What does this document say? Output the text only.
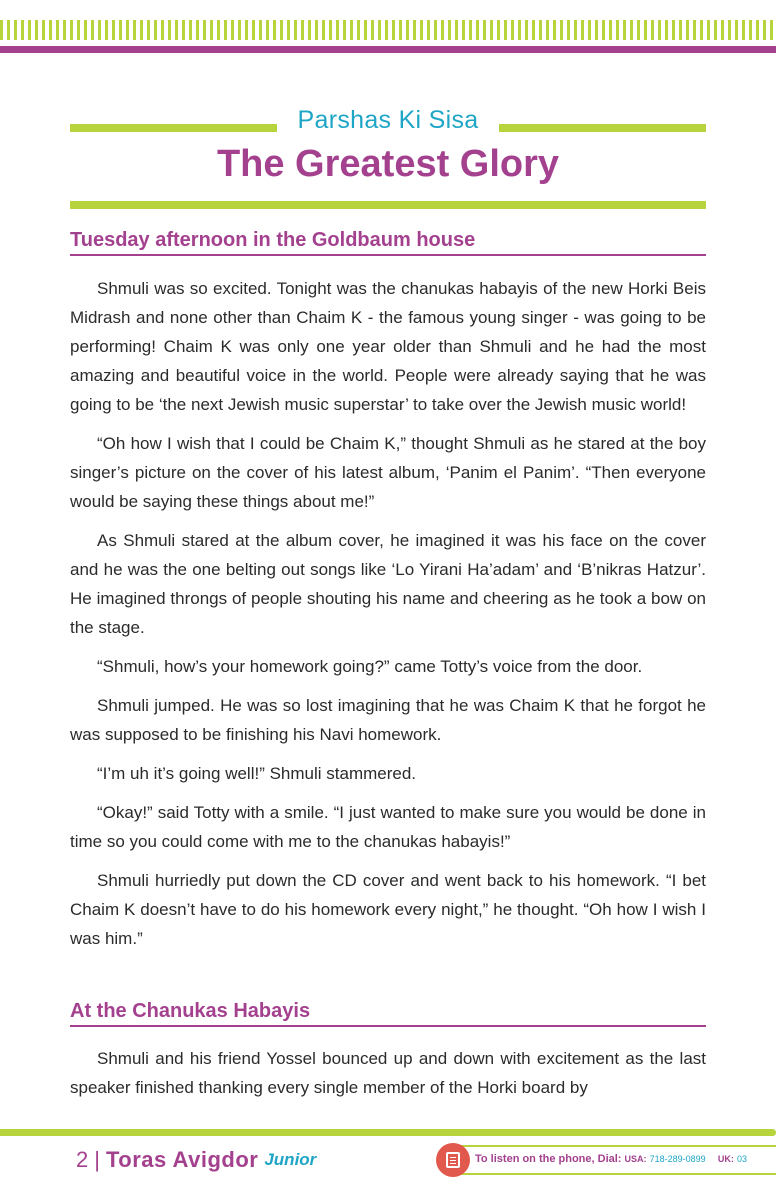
Parshas Ki Sisa
The Greatest Glory
Tuesday afternoon in the Goldbaum house

Shmuli was so excited. Tonight was the chanukas habayis of the new Horki Beis Midrash and none other than Chaim K - the famous young singer - was going to be performing! Chaim K was only one year older than Shmuli and he had the most amazing and beautiful voice in the world. People were already saying that he was going to be ‘the next Jewish music superstar’ to take over the Jewish music world!

“Oh how I wish that I could be Chaim K,” thought Shmuli as he stared at the boy singer’s picture on the cover of his latest album, ‘Panim el Panim’. “Then everyone would be saying these things about me!”

As Shmuli stared at the album cover, he imagined it was his face on the cover and he was the one belting out songs like ‘Lo Yirani Ha’adam’ and ‘B’nikras Hatzur’. He imagined throngs of people shouting his name and cheering as he took a bow on the stage.

“Shmuli, how’s your homework going?” came Totty’s voice from the door.

Shmuli jumped. He was so lost imagining that he was Chaim K that he forgot he was supposed to be finishing his Navi homework.

“I’m uh it’s going well!” Shmuli stammered.

“Okay!” said Totty with a smile. “I just wanted to make sure you would be done in time so you could come with me to the chanukas habayis!”

Shmuli hurriedly put down the CD cover and went back to his homework. “I bet Chaim K doesn’t have to do his homework every night,” he thought. “Oh how I wish I was him.”

At the Chanukas Habayis

Shmuli and his friend Yossel bounced up and down with excitement as the last speaker finished thanking every single member of the Horki board by

2 | Toras Avigdor Junior	To listen on the phone, Dial: USA: 718-289-0899 UK: 03
